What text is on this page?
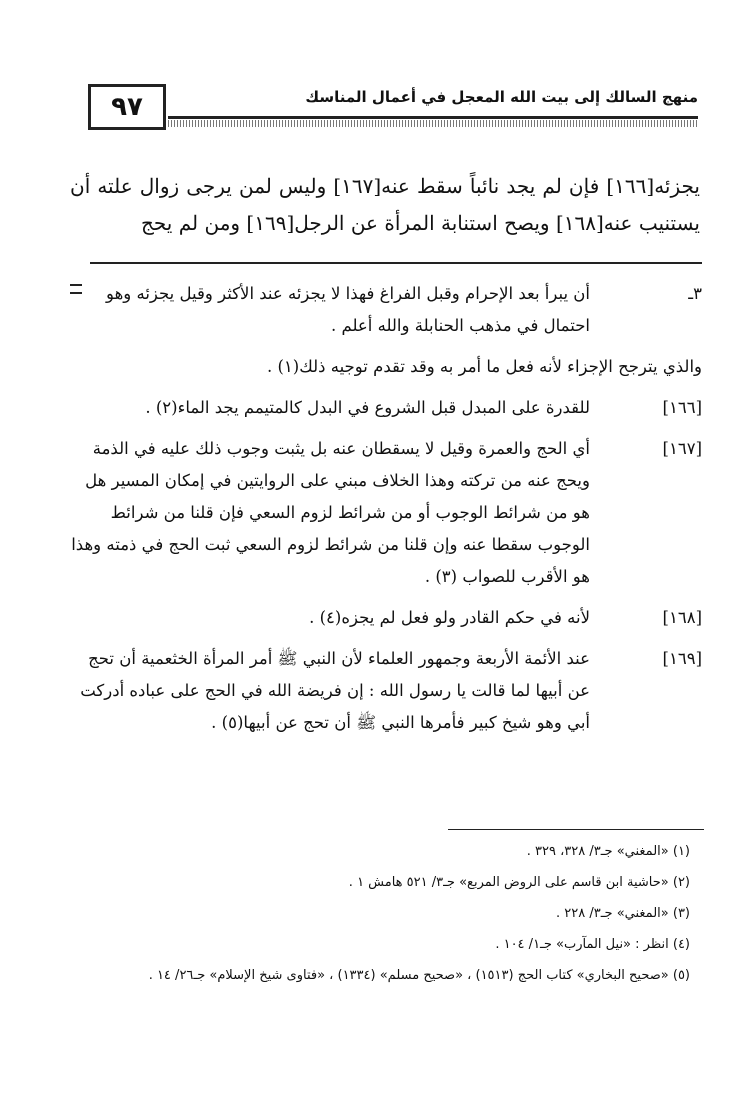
٩٧	منهج السالك إلى بيت الله المعجل في أعمال المناسك
يجزئه[١٦٦] فإن لم يجد نائباً سقط عنه[١٦٧] وليس لمن يرجى زوال علته أن يستنيب عنه[١٦٨] ويصح استنابة المرأة عن الرجل[١٦٩] ومن لم يحج
٣ـ
أن يبرأ بعد الإحرام وقبل الفراغ فهذا لا يجزئه عند الأكثر وقيل يجزئه وهو احتمال في مذهب الحنابلة والله أعلم .
والذي يترجح الإجزاء لأنه فعل ما أمر به وقد تقدم توجيه ذلك(١) .
[١٦٦]
للقدرة على المبدل قبل الشروع في البدل كالمتيمم يجد الماء(٢) .
[١٦٧]
أي الحج والعمرة وقيل لا يسقطان عنه بل يثبت وجوب ذلك عليه في الذمة ويحج عنه من تركته وهذا الخلاف مبني على الروايتين في إمكان المسير هل هو من شرائط الوجوب أو من شرائط لزوم السعي فإن قلنا من شرائط الوجوب سقطا عنه وإن قلنا من شرائط لزوم السعي ثبت الحج في ذمته وهذا هو الأقرب للصواب (٣) .
[١٦٨]
لأنه في حكم القادر ولو فعل لم يجزه(٤) .
[١٦٩]
عند الأئمة الأربعة وجمهور العلماء لأن النبي ﷺ أمر المرأة الخثعمية أن تحج عن أبيها لما قالت يا رسول الله : إن فريضة الله في الحج على عباده أدركت أبي وهو شيخ كبير فأمرها النبي ﷺ أن تحج عن أبيها(٥) .
(١) «المغني» جـ٣/ ٣٢٨، ٣٢٩ .
(٢) «حاشية ابن قاسم على الروض المربع» جـ٣/ ٥٢١ هامش ١ .
(٣) «المغني» جـ٣/ ٢٢٨ .
(٤) انظر : «نيل المآرب» جـ١/ ١٠٤ .
(٥) «صحيح البخاري» كتاب الحج (١٥١٣) ، «صحيح مسلم» (١٣٣٤) ، «فتاوى شيخ الإسلام» جـ٢٦/ ١٤ .
